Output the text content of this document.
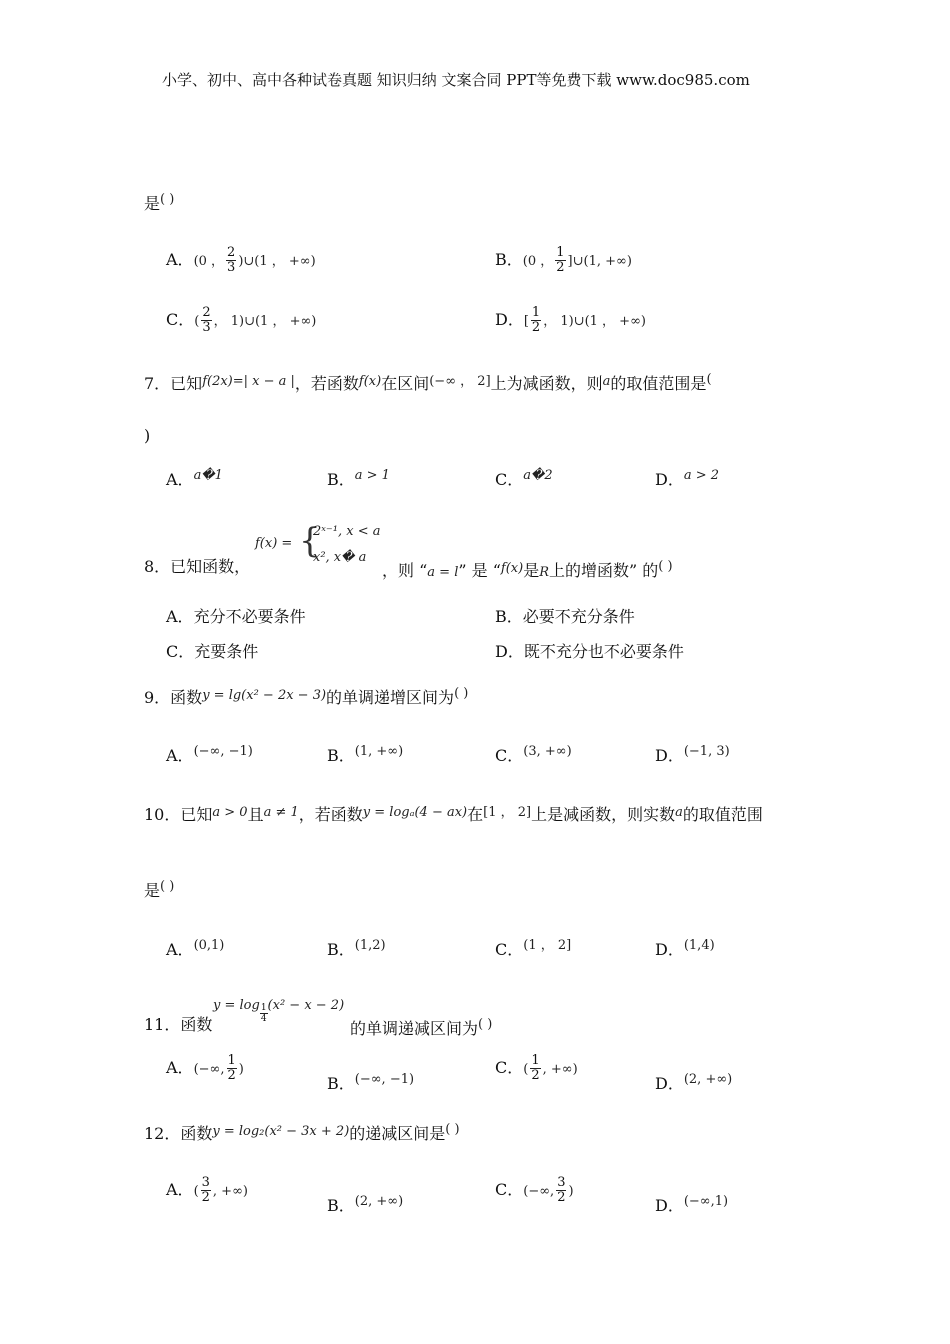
小学、初中、高中各种试卷真题 知识归纳 文案合同 PPT等免费下载 www.doc985.com
是( )
A．(0 ， $\frac{2}{3}$ )∪(1 ， +∞)	B．(0 ， $\frac{1}{2}$ ]∪(1, +∞)
C．( $\frac{2}{3}$ ， 1)∪(1 ， +∞)	D．[ $\frac{1}{2}$ ， 1)∪(1 ， +∞)
7．已知$^{f(2x)=| x - a |}$，若函数$^{f(x)}$在区间$^{(-\infty , 2]}$上为减函数，则$^a$的取值范围是(
)
A．$^{a�1}$	B．$^{a > 1}$	C．$^{a�2}$	D．$^{a > 2}$
8．已知函数，
f(x) = {
2ˣ⁻¹, x < a
x², x� a
，则 “a = l” 是 “$^{f(x)}$是R上的增函数” 的( )
A．充分不必要条件	B．必要不充分条件
C．充要条件	D．既不充分也不必要条件
9．函数$^{y = lg(x^2 - 2x - 3)}$的单调递增区间为( )
A．$^{(-\infty, -1)}$	B．$^{(1, +\infty)}$	C．$^{(3, +\infty)}$	D．$^{(-1, 3)}$
10．已知$^{a > 0}$且$^{a \ne 1}$，若函数$^{y = log_a(4 - ax)}$在[1 ， 2]上是减函数，则实数$^a$的取值范围
是( )
A．$^{(0,1)}$	B．$^{(1,2)}$	C．$^{(1 , 2]}$	D．$^{(1,4)}$
11．函数
$y = \log \frac{1}{4} (x^2 - x - 2)$
的单调递减区间为( )
A．(−∞, $\frac{1}{2}$ )
B．$^{(-\infty, -1)}$
C．( $\frac{1}{2}$ , +∞)
D．$^{(2, +\infty)}$
12．函数$^{y = log_2(x^2 - 3x + 2)}$的递减区间是( )
A．( $\frac{3}{2}$ , +∞)
B．$^{(2, +\infty)}$
C．(−∞, $\frac{3}{2}$ )
D．$^{(-\infty,1)}$
